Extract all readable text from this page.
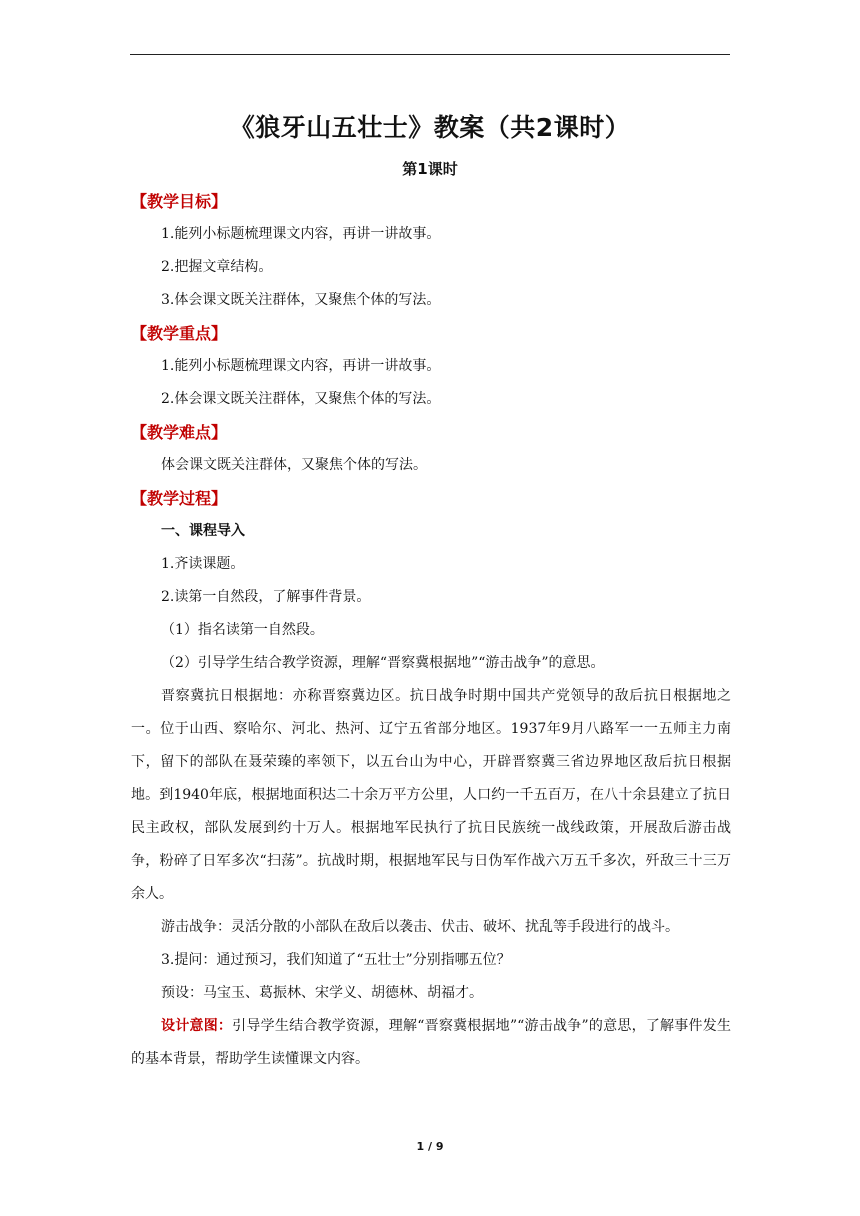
《狼牙山五壮士》教案（共2课时）
第1课时
【教学目标】
1.能列小标题梳理课文内容，再讲一讲故事。
2.把握文章结构。
3.体会课文既关注群体，又聚焦个体的写法。
【教学重点】
1.能列小标题梳理课文内容，再讲一讲故事。
2.体会课文既关注群体，又聚焦个体的写法。
【教学难点】
体会课文既关注群体，又聚焦个体的写法。
【教学过程】
一、课程导入
1.齐读课题。
2.读第一自然段，了解事件背景。
（1）指名读第一自然段。
（2）引导学生结合教学资源，理解“晋察冀根据地”“游击战争”的意思。
晋察冀抗日根据地：亦称晋察冀边区。抗日战争时期中国共产党领导的敌后抗日根据地之一。位于山西、察哈尔、河北、热河、辽宁五省部分地区。1937年9月八路军一一五师主力南下，留下的部队在聂荣臻的率领下，以五台山为中心，开辟晋察冀三省边界地区敌后抗日根据地。到1940年底，根据地面积达二十余万平方公里，人口约一千五百万，在八十余县建立了抗日民主政权，部队发展到约十万人。根据地军民执行了抗日民族统一战线政策，开展敌后游击战争，粉碎了日军多次“扫荡”。抗战时期，根据地军民与日伪军作战六万五千多次，歼敌三十三万余人。
游击战争：灵活分散的小部队在敌后以袭击、伏击、破坏、扰乱等手段进行的战斗。
3.提问：通过预习，我们知道了“五壮士”分别指哪五位？
预设：马宝玉、葛振林、宋学义、胡德林、胡福才。
设计意图：引导学生结合教学资源，理解“晋察冀根据地”“游击战争”的意思，了解事件发生的基本背景，帮助学生读懂课文内容。
1 / 9
